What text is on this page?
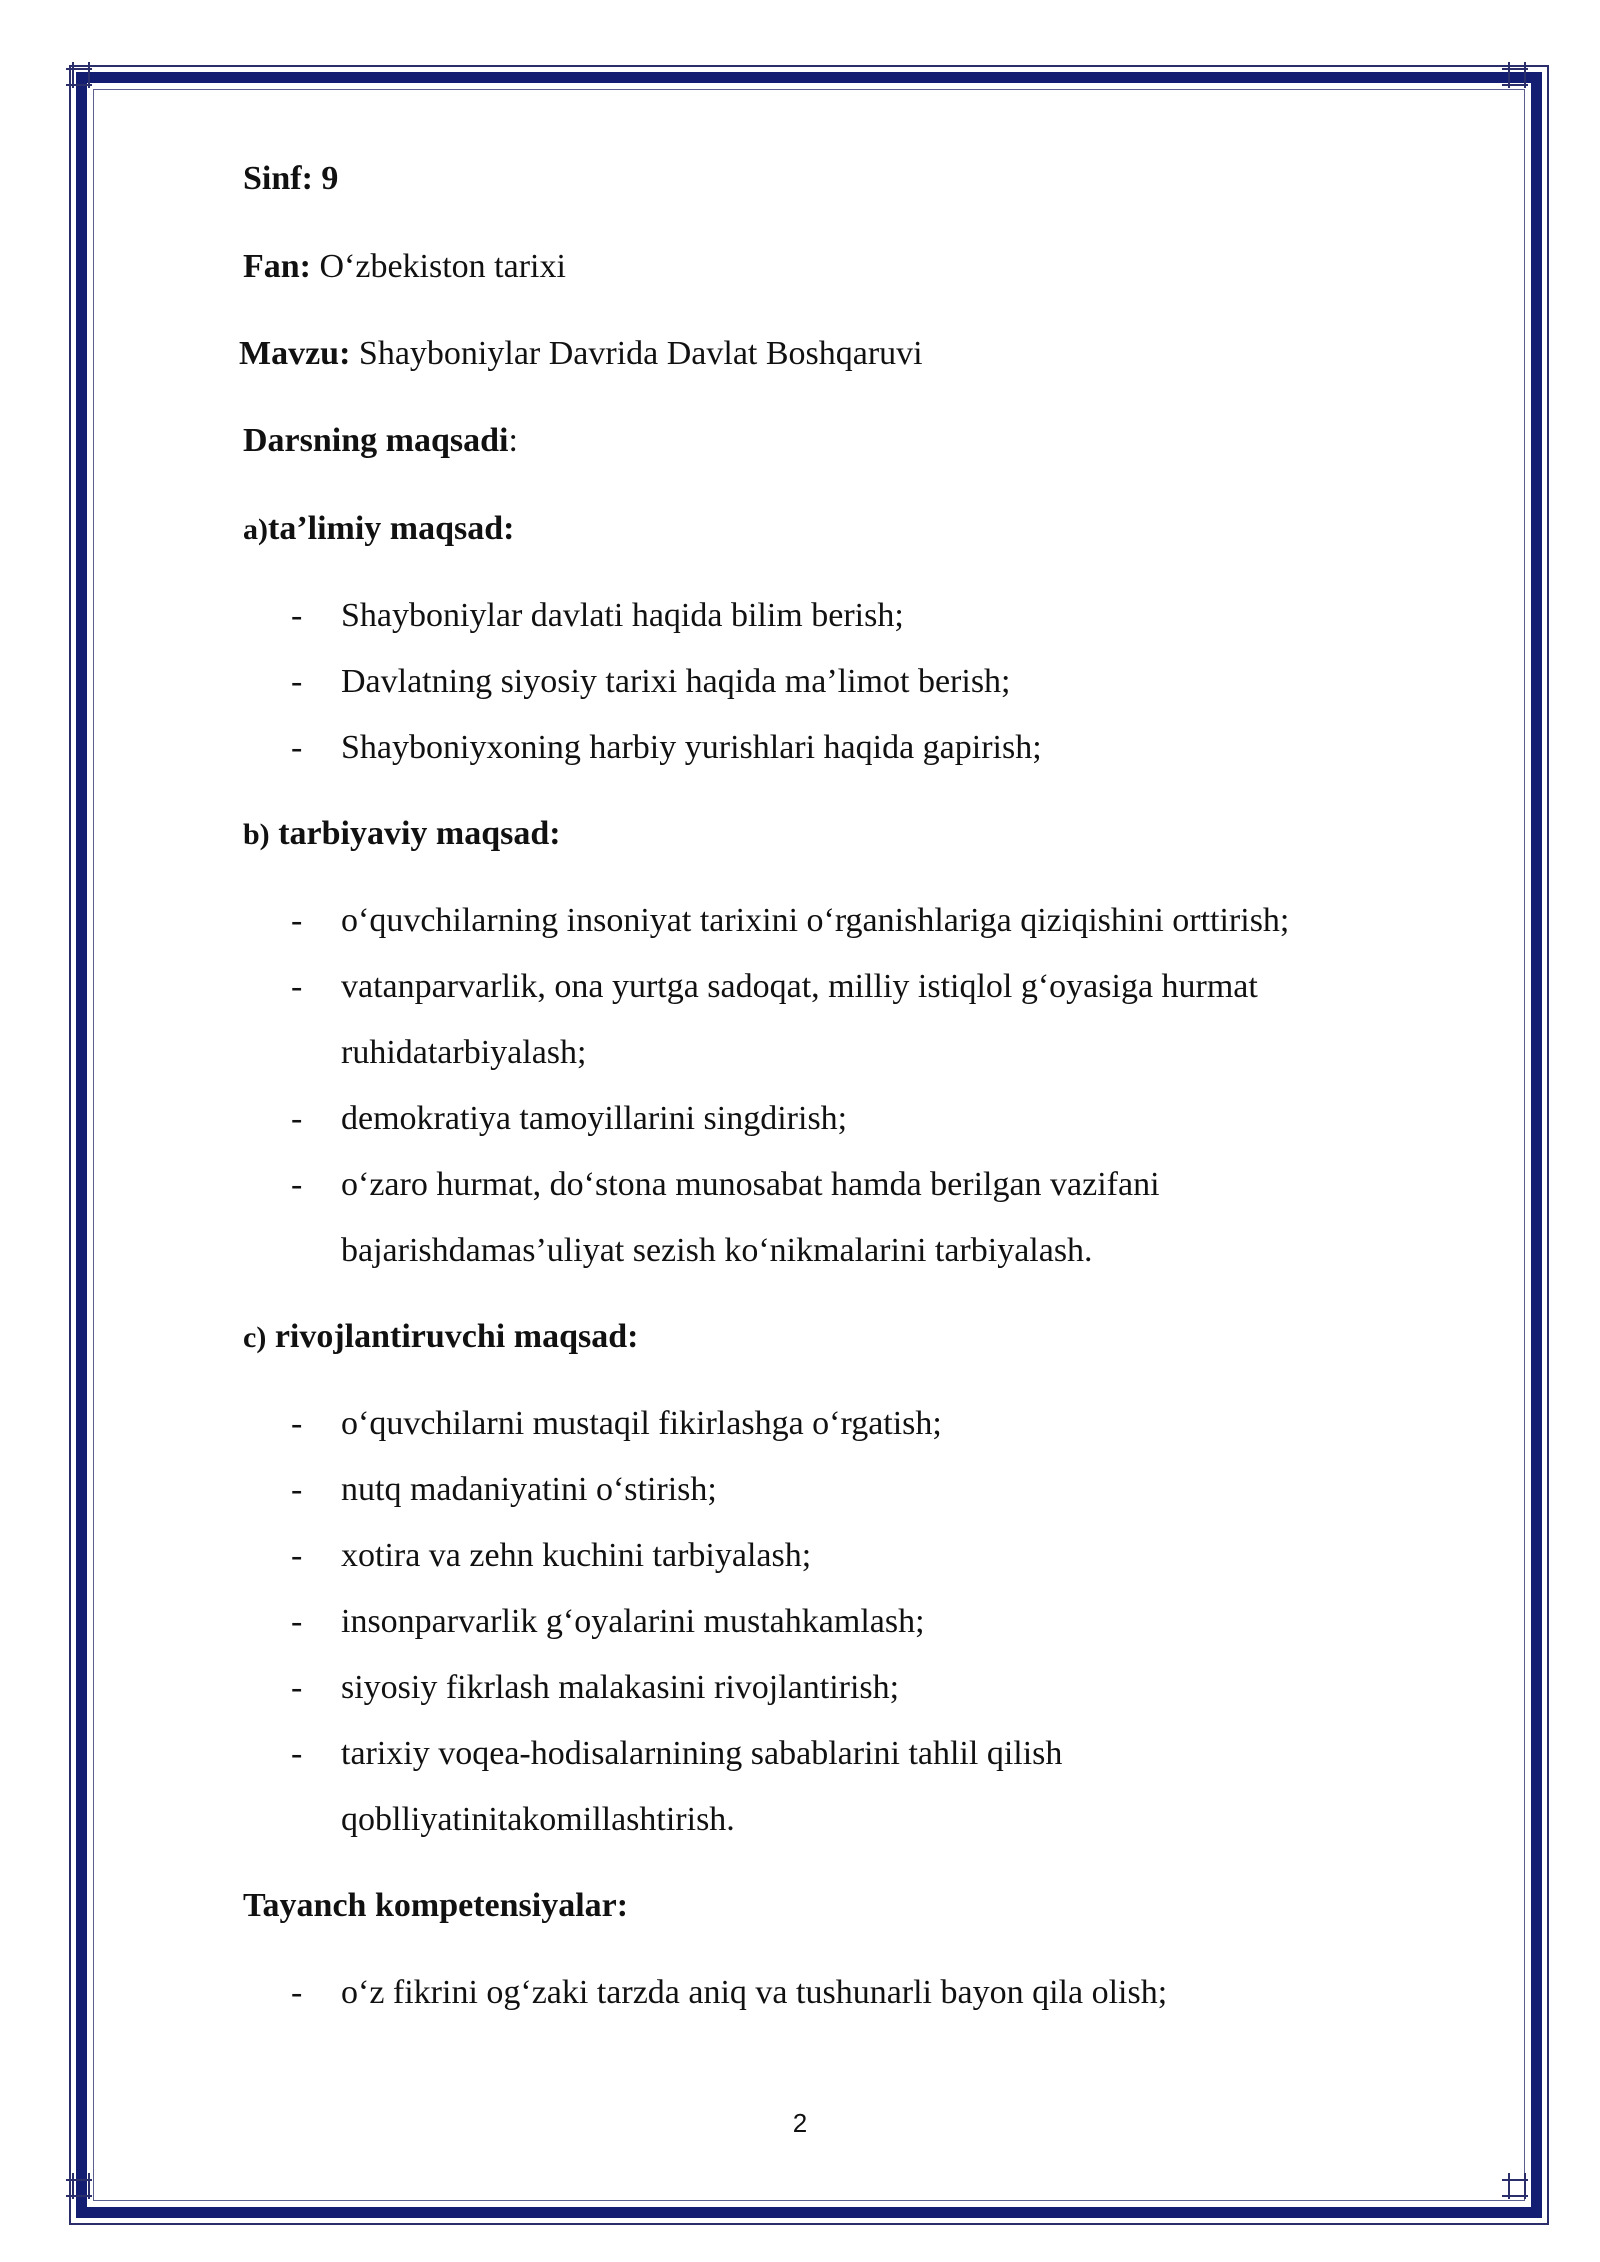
Sinf: 9
Fan: O‘zbekiston tarixi
Mavzu: Shayboniylar Davrida Davlat Boshqaruvi
Darsning maqsadi:
a)ta’limiy maqsad:
- Shayboniylar davlati haqida bilim berish;
- Davlatning siyosiy tarixi haqida ma’limot berish;
- Shayboniyxoning harbiy yurishlari haqida gapirish;
b) tarbiyaviy maqsad:
- o‘quvchilarning insoniyat tarixini o‘rganishlariga qiziqishini orttirish;
- vatanparvarlik, ona yurtga sadoqat, milliy istiqlol g‘oyasiga hurmat
ruhidatarbiyalash;
- demokratiya tamoyillarini singdirish;
- o‘zaro hurmat, do‘stona munosabat hamda berilgan vazifani
bajarishdamas’uliyat sezish ko‘nikmalarini tarbiyalash.
c) rivojlantiruvchi maqsad:
- o‘quvchilarni mustaqil fikirlashga o‘rgatish;
- nutq madaniyatini o‘stirish;
- xotira va zehn kuchini tarbiyalash;
- insonparvarlik g‘oyalarini mustahkamlash;
- siyosiy fikrlash malakasini rivojlantirish;
- tarixiy voqea-hodisalarnining sabablarini tahlil qilish
qoblliyatinitakomillashtirish.
Tayanch kompetensiyalar:
- o‘z fikrini og‘zaki tarzda aniq va tushunarli bayon qila olish;
2
